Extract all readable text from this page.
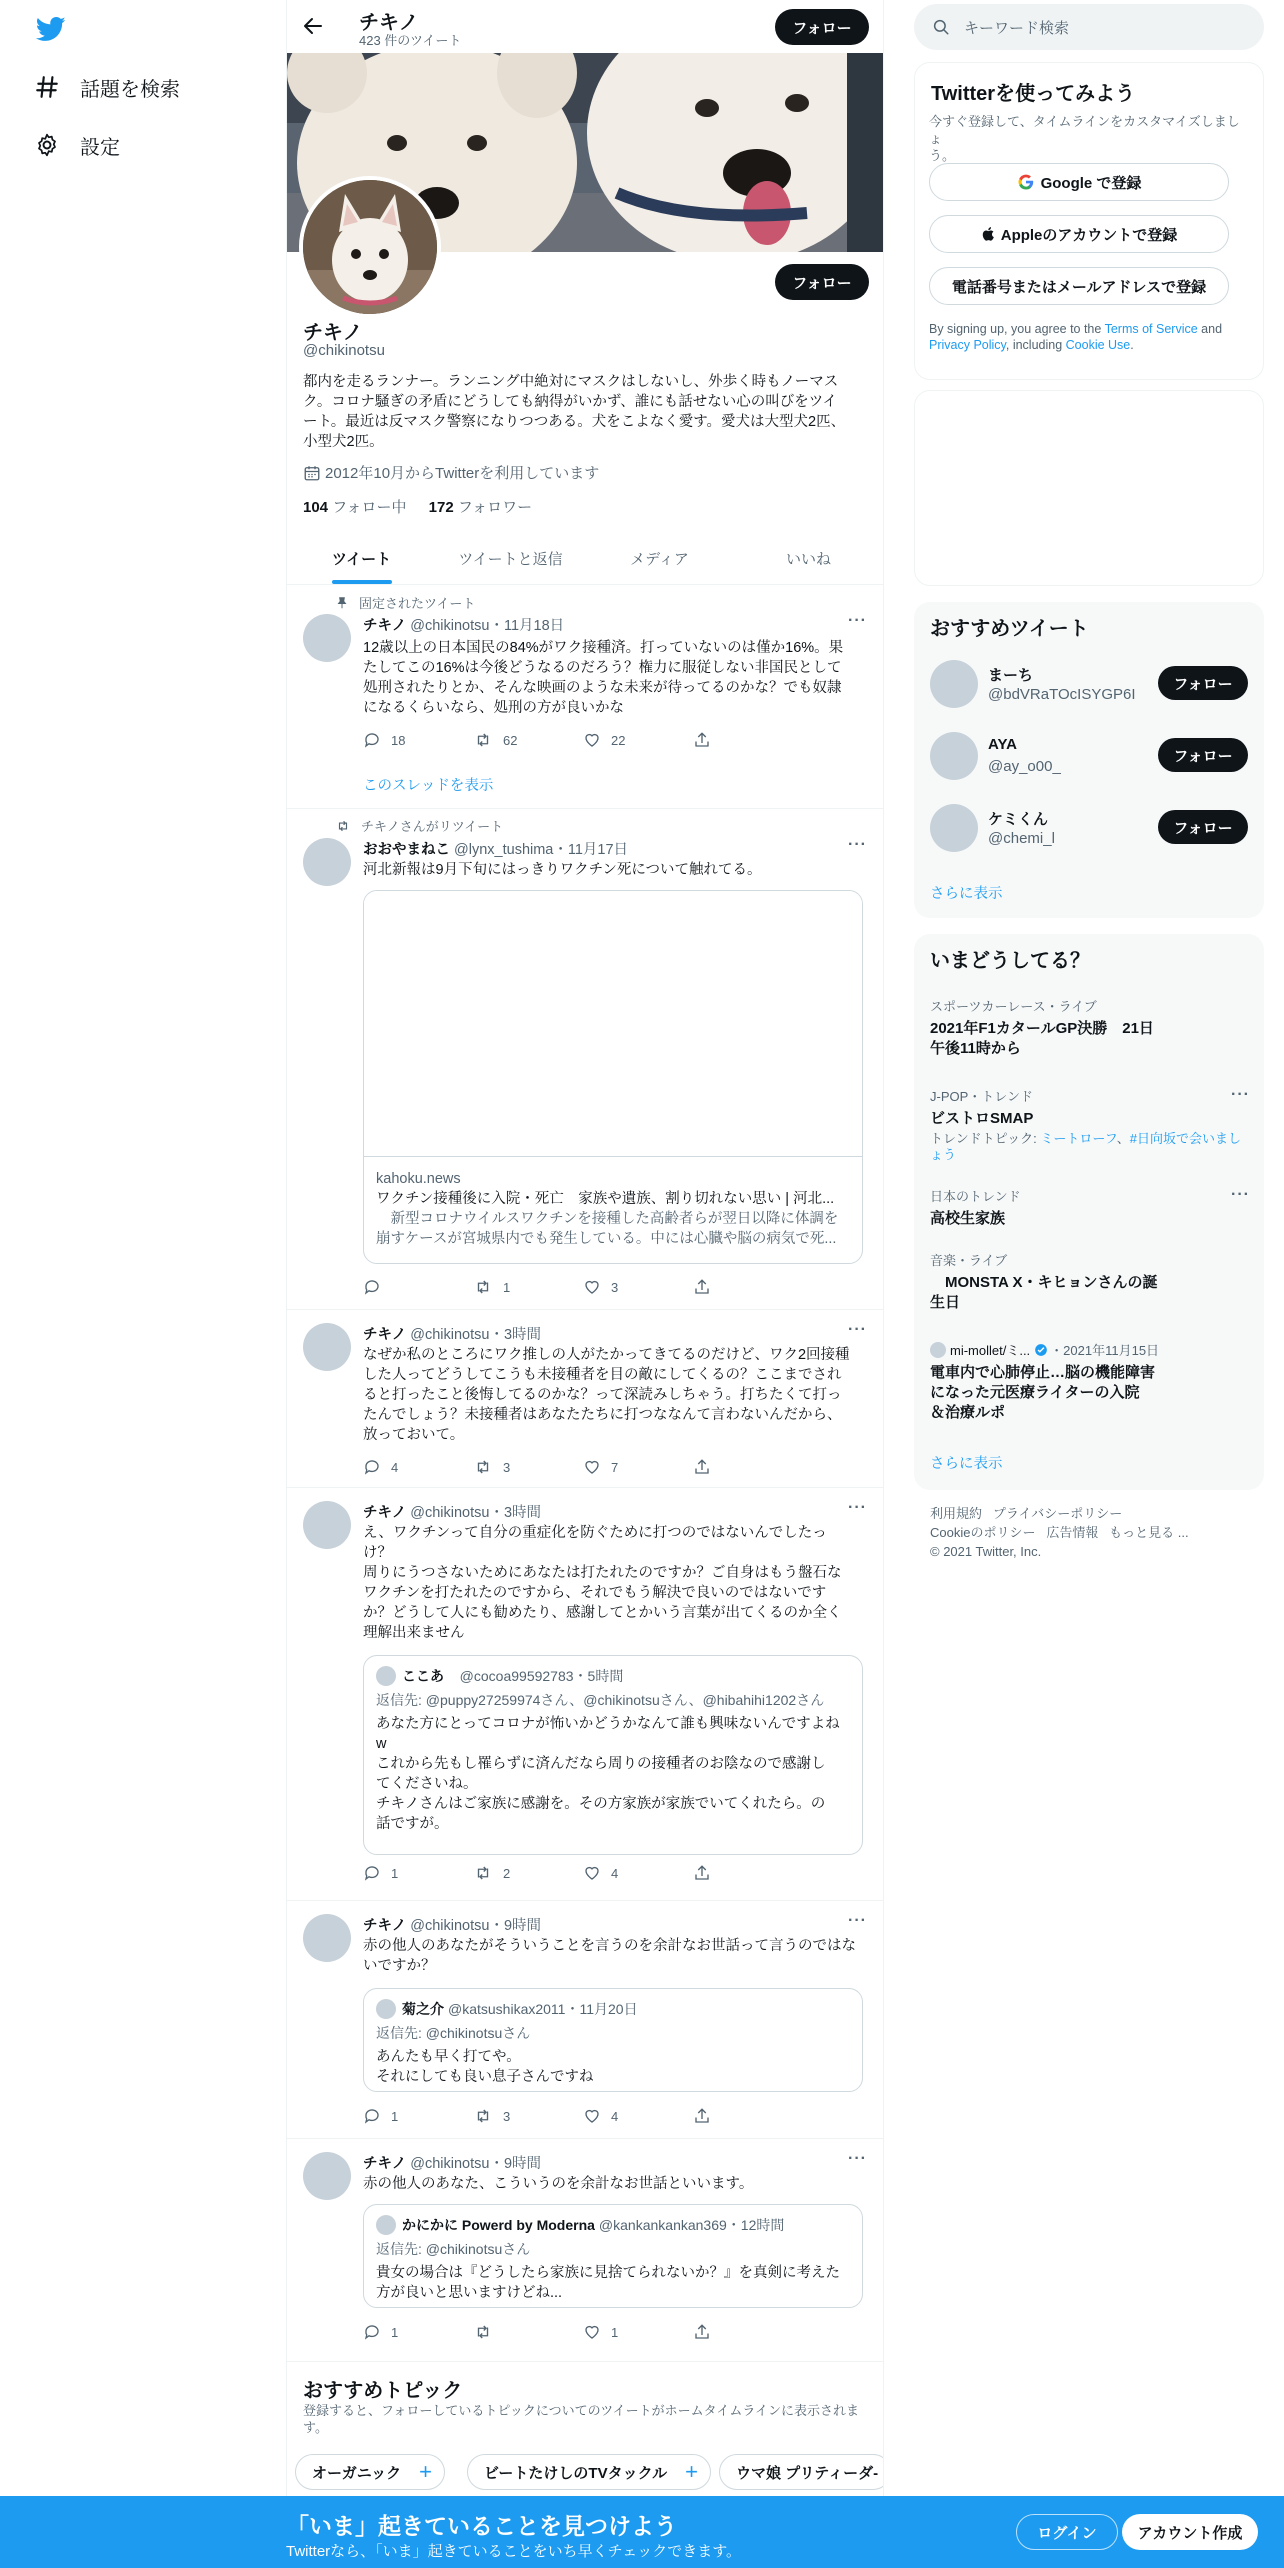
話題を検索
設定
チキノ
423 件のツイート
フォロー
フォロー
チキノ
@chikinotsu
都内を走るランナー。ランニング中絶対にマスクはしないし、外歩く時もノーマス
ク。コロナ騒ぎの矛盾にどうしても納得がいかず、誰にも話せない心の叫びをツイ
ート。最近は反マスク警察になりつつある。犬をこよなく愛す。愛犬は大型犬2匹、
小型犬2匹。
2012年10月からTwitterを利用しています
104 フォロー中 172 フォロワー
ツイート	ツイートと返信	メディア	いいね
固定されたツイート
チキノ @chikinotsu・11月18日	···
12歳以上の日本国民の84%がワク接種済。打っていないのは僅か16%。果
たしてこの16%は今後どうなるのだろう？権力に服従しない非国民として
処刑されたりとか、そんな映画のような未来が待ってるのかな？でも奴隷
になるくらいなら、処刑の方が良いかな
18	62	22
このスレッドを表示
チキノさんがリツイート
おおやまねこ @lynx_tushima・11月17日	···
河北新報は9月下旬にはっきりワクチン死について触れてる。
kahoku.news
ワクチン接種後に入院・死亡　家族や遺族、割り切れない思い | 河北...
　新型コロナウイルスワクチンを接種した高齢者らが翌日以降に体調を
崩すケースが宮城県内でも発生している。中には心臓や脳の病気で死...
1	3
チキノ @chikinotsu・3時間	···
なぜか私のところにワク推しの人がたかってきてるのだけど、ワク2回接種
した人ってどうしてこうも未接種者を目の敵にしてくるの？ここまでされ
ると打ったこと後悔してるのかな？って深読みしちゃう。打ちたくて打っ
たんでしょう？未接種者はあなたたちに打つななんて言わないんだから、
放っておいて。
4	3	7
チキノ @chikinotsu・3時間	···
え、ワクチンって自分の重症化を防ぐために打つのではないんでしたっ
け？
周りにうつさないためにあなたは打たれたのですか？ご自身はもう盤石な
ワクチンを打たれたのですから、それでもう解決で良いのではないです
か？どうして人にも勧めたり、感謝してとかいう言葉が出てくるのか全く
理解出来ません
ここあ
@cocoa99592783 ・ 5時間
返信先: @puppy27259974さん、@chikinotsuさん、@hibahihi1202さん
あなた方にとってコロナが怖いかどうかなんて誰も興味ないんですよね
w
これから先もし罹らずに済んだなら周りの接種者のお陰なので感謝し
てくださいね。
チキノさんはご家族に感謝を。その方家族が家族でいてくれたら。の
話ですが。
1	2	4
チキノ @chikinotsu・9時間	···
赤の他人のあなたがそういうことを言うのを余計なお世話って言うのではな
いですか？
菊之介 @katsushikax2011 ・ 11月20日
返信先: @chikinotsuさん
あんたも早く打てや。
それにしても良い息子さんですね
1	3	4
チキノ @chikinotsu・9時間	···
赤の他人のあなた、こういうのを余計なお世話といいます。
かにかに Powerd by Moderna @kankankankan369 ・ 12時間
返信先: @chikinotsuさん
貴女の場合は『どうしたら家族に見捨てられないか？』を真剣に考えた
方が良いと思いますけどね...
1	1
おすすめトピック
登録すると、フォローしているトピックについてのツイートがホームタイムラインに表示されま
す。
オーガニック +	ビートたけしのTVタックル +	ウマ娘 プリティーダ-
キーワード検索
Twitterを使ってみよう
今すぐ登録して、タイムラインをカスタマイズしましょ
う。
Google で登録
Appleのアカウントで登録
電話番号またはメールアドレスで登録
By signing up, you agree to the Terms of Service and Privacy Policy, including Cookie Use.
おすすめツイート
まーち
@bdVRaTOcISYGP6I
フォロー
AYA
@ay_o00_
フォロー
ケミくん
@chemi_l
フォロー
さらに表示
いまどうしてる？
スポーツカーレース・ライブ
2021年F1カタールGP決勝　21日
午後11時から
J-POP・トレンド	···
ビストロSMAP
トレンドトピック: ミートローフ、#日向坂で会いまし
ょう
日本のトレンド	···
高校生家族
音楽・ライブ
　MONSTA X・キヒョンさんの誕
生日
mi-mollet/ミ... ・2021年11月15日
電車内で心肺停止…脳の機能障害
になった元医療ライターの入院
＆治療ルポ
さらに表示
利用規約 プライバシーポリシー
Cookieのポリシー 広告情報 もっと見る ...
© 2021 Twitter, Inc.
「いま」起きていることを見つけよう
Twitterなら、「いま」起きていることをいち早くチェックできます。
ログイン	アカウント作成
